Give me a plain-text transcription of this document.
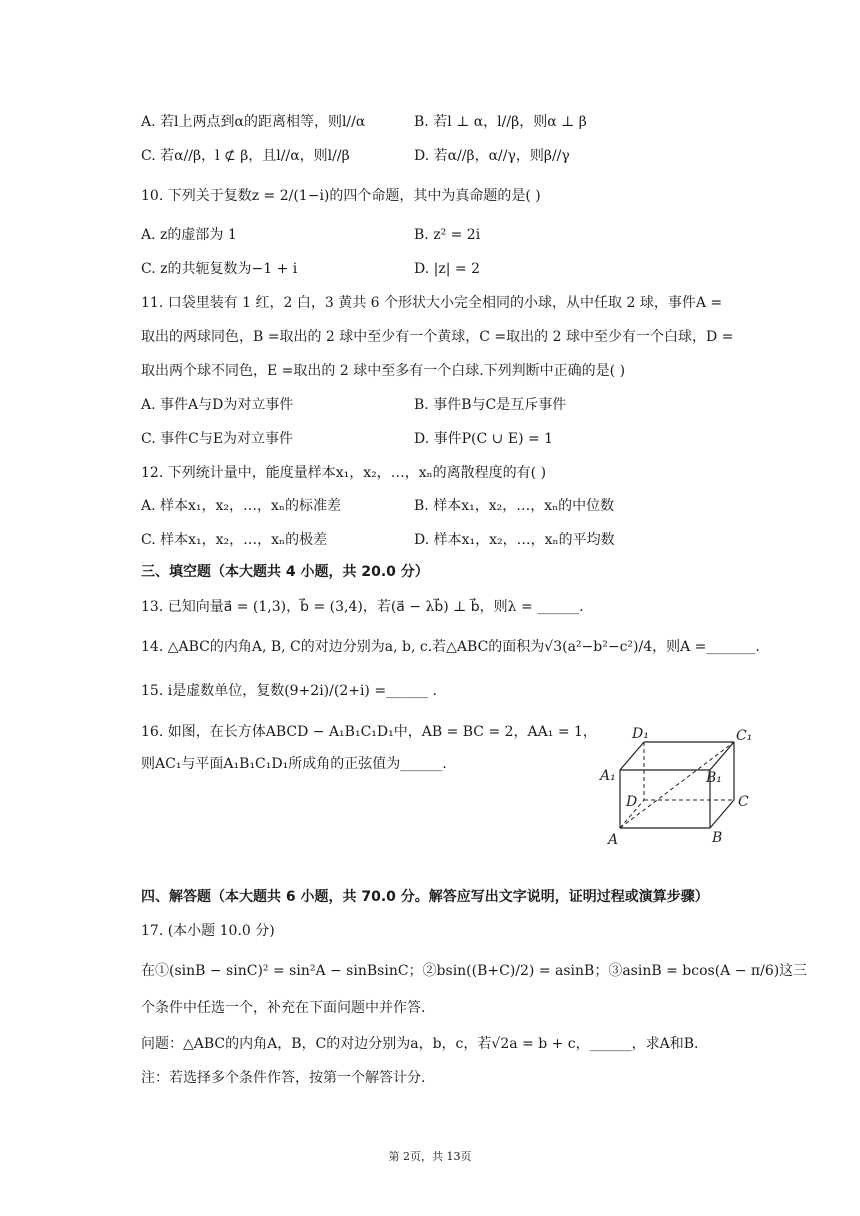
A. 若l上两点到α的距离相等，则l//α	B. 若l ⊥ α，l//β，则α ⊥ β
C. 若α//β，l ⊄ β，且l//α，则l//β	D. 若α//β，α//γ，则β//γ
10. 下列关于复数z = 2/(1−i)的四个命题，其中为真命题的是( )
A. z的虚部为 1	B. z² = 2i
C. z的共轭复数为−1 + i	D. |z| = 2
11. 口袋里装有 1 红，2 白，3 黄共 6 个形状大小完全相同的小球，从中任取 2 球，事件A =
取出的两球同色，B =取出的 2 球中至少有一个黄球，C =取出的 2 球中至少有一个白球，D =
取出两个球不同色，E =取出的 2 球中至多有一个白球.下列判断中正确的是( )
A. 事件A与D为对立事件	B. 事件B与C是互斥事件
C. 事件C与E为对立事件	D. 事件P(C ∪ E) = 1
12. 下列统计量中，能度量样本x₁，x₂，…，xₙ的离散程度的有( )
A. 样本x₁，x₂，…，xₙ的标准差	B. 样本x₁，x₂，…，xₙ的中位数
C. 样本x₁，x₂，…，xₙ的极差	D. 样本x₁，x₂，…，xₙ的平均数
三、填空题（本大题共 4 小题，共 20.0 分）
13. 已知向量a⃗ = (1,3)，b⃗ = (3,4)，若(a⃗ − λb⃗) ⊥ b⃗，则λ = ______.
14. △ABC的内角A, B, C的对边分别为a, b, c.若△ABC的面积为√3(a²−b²−c²)/4，则A =_______.
15. i是虚数单位，复数(9+2i)/(2+i) =______ .
16. 如图，在长方体ABCD − A₁B₁C₁D₁中，AB = BC = 2，AA₁ = 1，
则AC₁与平面A₁B₁C₁D₁所成角的正弦值为______.
D₁	C₁
A₁	B₁
D	C
A	B
四、解答题（本大题共 6 小题，共 70.0 分。解答应写出文字说明，证明过程或演算步骤）
17. (本小题 10.0 分)
在①(sinB − sinC)² = sin²A − sinBsinC；②bsin((B+C)/2) = asinB；③asinB = bcos(A − π/6)这三
个条件中任选一个，补充在下面问题中并作答.
问题：△ABC的内角A，B，C的对边分别为a，b，c，若√2a = b + c，______，求A和B.
注：若选择多个条件作答，按第一个解答计分.
第 2页，共 13页
